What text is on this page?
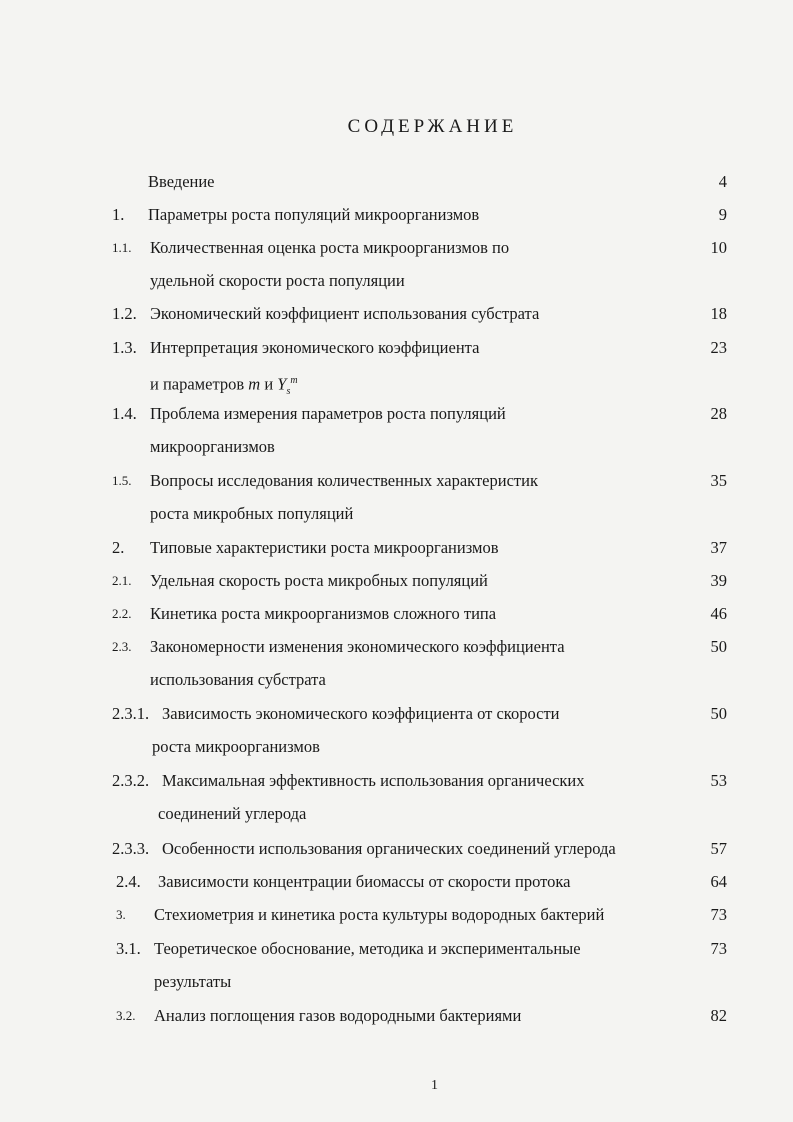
СОДЕРЖАНИЕ
Введение	4
1. Параметры роста популяций микроорганизмов	9
1.1. Количественная оценка роста микроорганизмов по	10
удельной скорости роста популяции
1.2. Экономический коэффициент использования субстрата	18
1.3. Интерпретация экономического коэффициента	23
и параметров m и $Y_s^m$
1.4. Проблема измерения параметров роста популяций	28
микроорганизмов
1.5. Вопросы исследования количественных характеристик	35
роста микробных популяций
2. Типовые характеристики роста микроорганизмов	37
2.1. Удельная скорость роста микробных популяций	39
2.2. Кинетика роста микроорганизмов сложного типа	46
2.3. Закономерности изменения экономического коэффициента	50
использования субстрата
2.3.1. Зависимость экономического коэффициента от скорости	50
роста микроорганизмов
2.3.2. Максимальная эффективность использования органических	53
соединений углерода
2.3.3. Особенности использования органических соединений углерода	57
2.4. Зависимости концентрации биомассы от скорости протока	64
3. Стехиометрия и кинетика роста культуры водородных бактерий	73
3.1. Теоретическое обоснование, методика и экспериментальные	73
результаты
3.2. Анализ поглощения газов водородными бактериями	82
1
